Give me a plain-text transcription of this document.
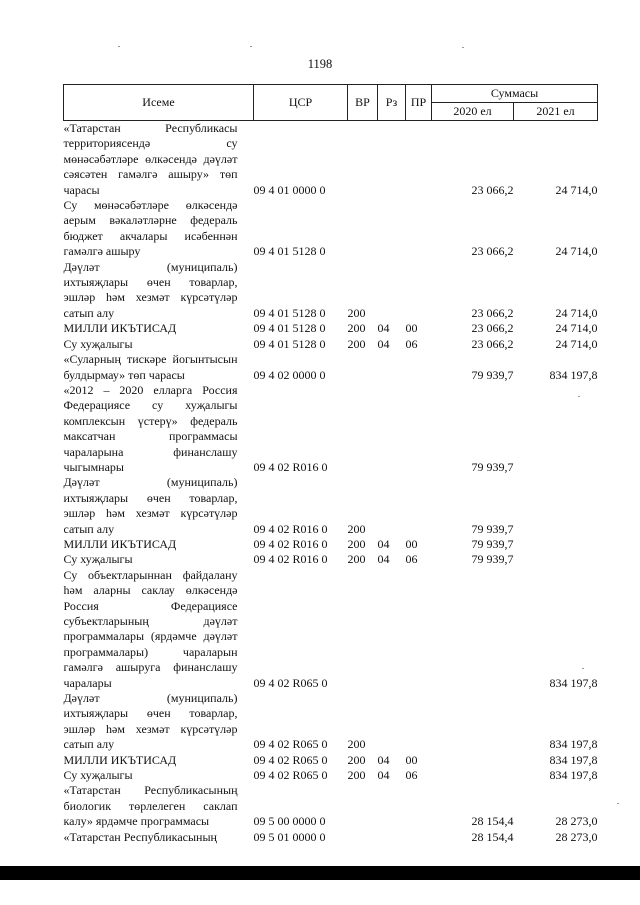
1198
Исеме	ЦСР	ВР	Рз	ПР	Суммасы	
					2020 ел	2021 ел
«Татарстан Республикасы территориясендә су мөнәсәбәтләре өлкәсендә дәүләт сәясәтен гамәлгә ашыру» төп чарасы	09 4 01 0000 0				23 066,2	24 714,0
Су мөнәсәбәтләре өлкәсендә аерым вәкаләтләрне федераль бюджет акчалары исәбеннән гамәлгә ашыру	09 4 01 5128 0				23 066,2	24 714,0
Дәүләт (муниципаль) ихтыяҗлары өчен товарлар, эшләр һәм хезмәт күрсәтүләр сатып алу	09 4 01 5128 0	200			23 066,2	24 714,0
МИЛЛИ ИКЪТИСАД	09 4 01 5128 0	200	04	00	23 066,2	24 714,0
Су хуҗалыгы	09 4 01 5128 0	200	04	06	23 066,2	24 714,0
«Суларның тискәре йогынтысын булдырмау» төп чарасы	09 4 02 0000 0				79 939,7	834 197,8
«2012 – 2020 елларга Россия Федерациясе су хуҗалыгы комплексын үстерү» федераль максатчан программасы чараларына финанслашу чыгымнары	09 4 02 R016 0				79 939,7	
Дәүләт (муниципаль) ихтыяҗлары өчен товарлар, эшләр һәм хезмәт күрсәтүләр сатып алу	09 4 02 R016 0	200			79 939,7	
МИЛЛИ ИКЪТИСАД	09 4 02 R016 0	200	04	00	79 939,7	
Су хуҗалыгы	09 4 02 R016 0	200	04	06	79 939,7	
Су объектларыннан файдалану һәм аларны саклау өлкәсендә Россия Федерациясе субъектларының дәүләт программалары (ярдәмче дәүләт программалары) чараларын гамәлгә ашыруга финанслашу чаралары	09 4 02 R065 0					834 197,8
Дәүләт (муниципаль) ихтыяҗлары өчен товарлар, эшләр һәм хезмәт күрсәтүләр сатып алу	09 4 02 R065 0	200				834 197,8
МИЛЛИ ИКЪТИСАД	09 4 02 R065 0	200	04	00		834 197,8
Су хуҗалыгы	09 4 02 R065 0	200	04	06		834 197,8
«Татарстан Республикасының биологик төрлелеген саклап калу» ярдәмче программасы	09 5 00 0000 0				28 154,4	28 273,0
«Татарстан Республикасының	09 5 01 0000 0				28 154,4	28 273,0
